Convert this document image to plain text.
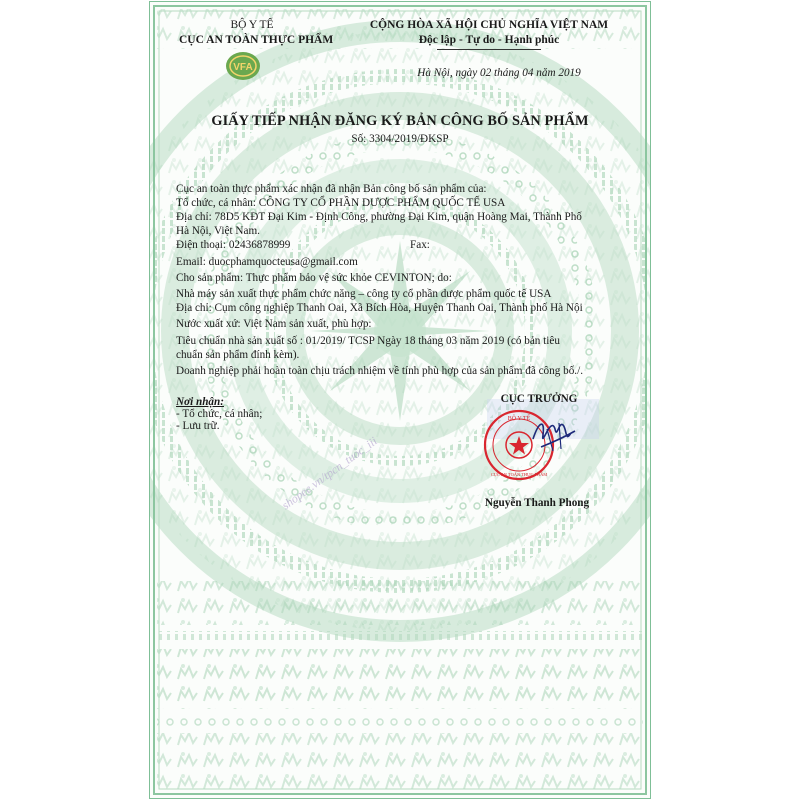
BỘ Y TẾ
CỤC AN TOÀN THỰC PHẨM
VFA
CỘNG HÒA XÃ HỘI CHỦ NGHĨA VIỆT NAM
Độc lập - Tự do - Hạnh phúc
Hà Nội, ngày 02 tháng 04 năm 2019
GIẤY TIẾP NHẬN ĐĂNG KÝ BẢN CÔNG BỐ SẢN PHẨM
Số: 3304/2019/ĐKSP
Cục an toàn thực phẩm xác nhận đã nhận Bản công bố sản phẩm của:
Tổ chức, cá nhân: CÔNG TY CỔ PHẦN DƯỢC PHẨM QUỐC TẾ USA
Địa chỉ: 78D5 KĐT Đại Kim - Định Công, phường Đại Kim, quận Hoàng Mai, Thành Phố
Hà Nội, Việt Nam.
Điện thoại: 02436878999	Fax:
Email: duocphamquocteusa@gmail.com
Cho sản phẩm: Thực phẩm bảo vệ sức khỏe CEVINTON; do:
Nhà máy sản xuất thực phẩm chức năng – công ty cổ phần dược phẩm quốc tế USA
Địa chỉ: Cụm công nghiệp Thanh Oai, Xã Bích Hòa, Huyện Thanh Oai, Thành phố Hà Nội
Nước xuất xứ: Việt Nam sản xuất, phù hợp:
Tiêu chuẩn nhà sản xuất số : 01/2019/ TCSP Ngày 18 tháng 03 năm 2019 (có bản tiêu
chuẩn sản phẩm đính kèm).
Doanh nghiệp phải hoàn toàn chịu trách nhiệm về tính phù hợp của sản phẩm đã công bố./.
Nơi nhận:
- Tổ chức, cá nhân;
- Lưu trữ.
CỤC TRƯỞNG
BỘ Y TẾ
CỤC AN TOÀN THỰC PHẨM
Nguyễn Thanh Phong
shopee.vn/tpcn_tuoc_iii
